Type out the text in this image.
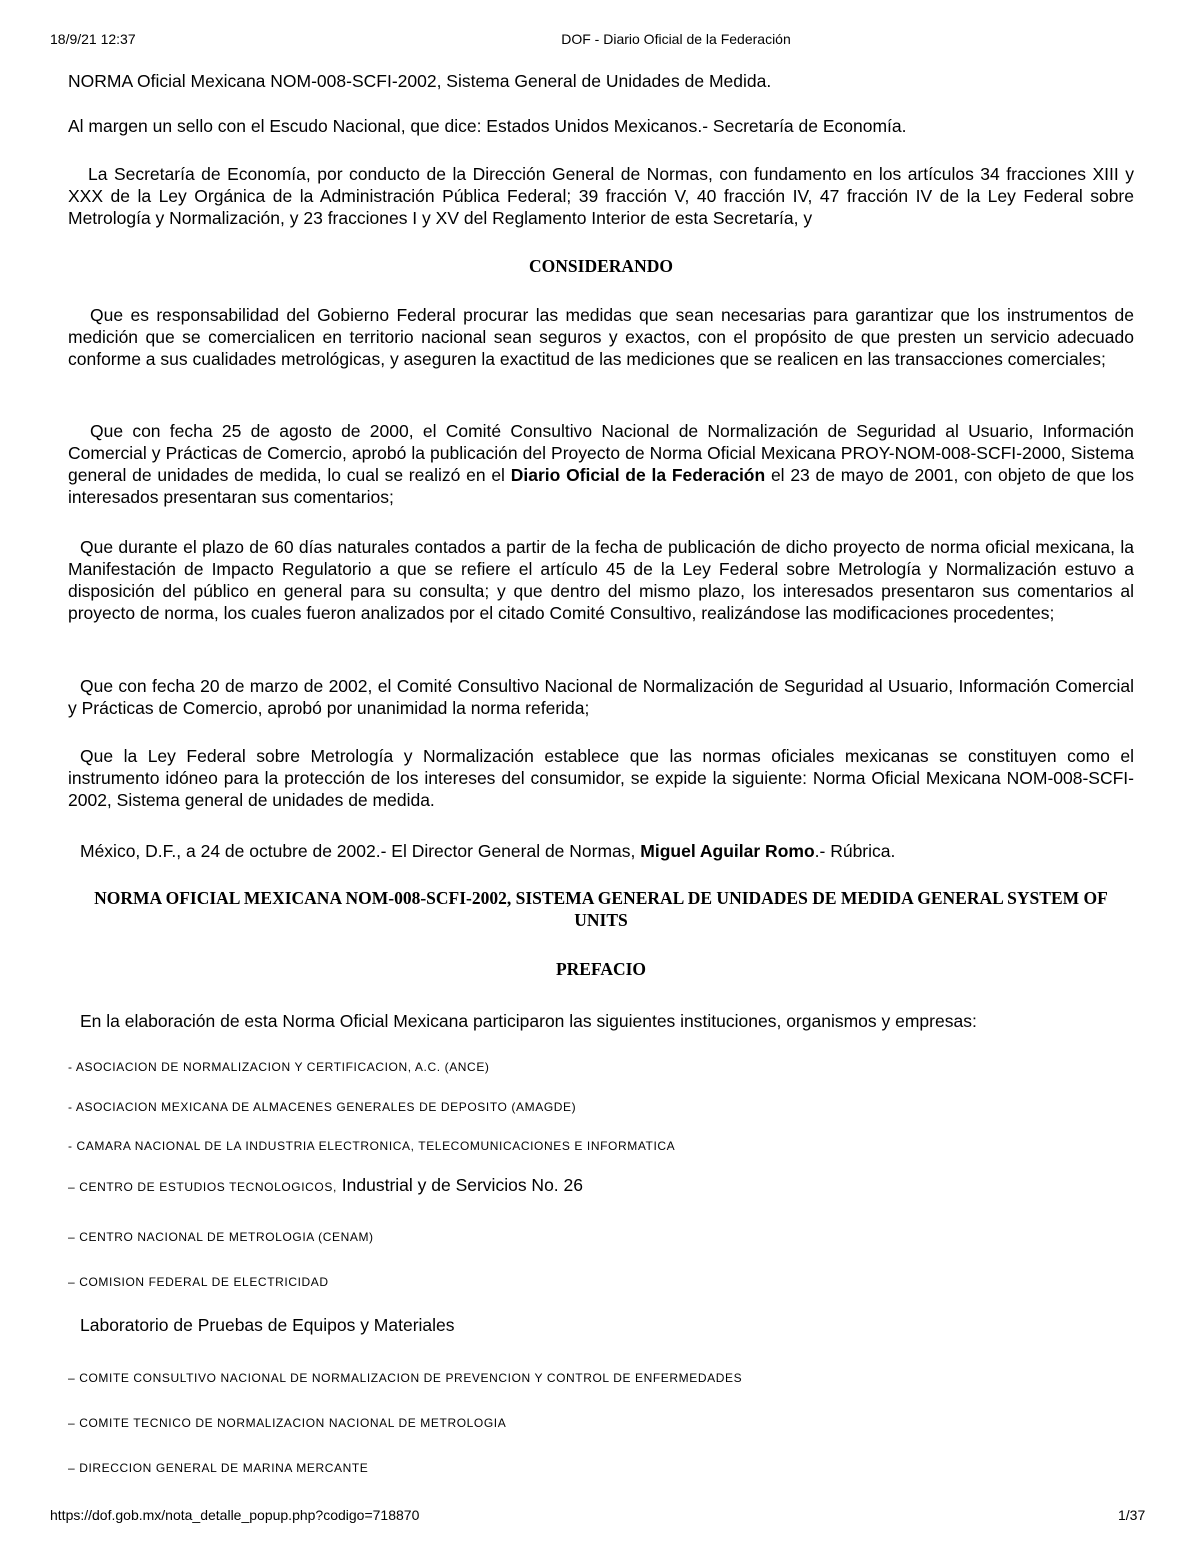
18/9/21 12:37	DOF - Diario Oficial de la Federación

NORMA Oficial Mexicana NOM-008-SCFI-2002, Sistema General de Unidades de Medida.

Al margen un sello con el Escudo Nacional, que dice: Estados Unidos Mexicanos.- Secretaría de Economía.

La Secretaría de Economía, por conducto de la Dirección General de Normas, con fundamento en los artículos 34 fracciones XIII y XXX de la Ley Orgánica de la Administración Pública Federal; 39 fracción V, 40 fracción IV, 47 fracción IV de la Ley Federal sobre Metrología y Normalización, y 23 fracciones I y XV del Reglamento Interior de esta Secretaría, y

CONSIDERANDO

Que es responsabilidad del Gobierno Federal procurar las medidas que sean necesarias para garantizar que los instrumentos de medición que se comercialicen en territorio nacional sean seguros y exactos, con el propósito de que presten un servicio adecuado conforme a sus cualidades metrológicas, y aseguren la exactitud de las mediciones que se realicen en las transacciones comerciales;

Que con fecha 25 de agosto de 2000, el Comité Consultivo Nacional de Normalización de Seguridad al Usuario, Información Comercial y Prácticas de Comercio, aprobó la publicación del Proyecto de Norma Oficial Mexicana PROY-NOM-008-SCFI-2000, Sistema general de unidades de medida, lo cual se realizó en el Diario Oficial de la Federación el 23 de mayo de 2001, con objeto de que los interesados presentaran sus comentarios;

Que durante el plazo de 60 días naturales contados a partir de la fecha de publicación de dicho proyecto de norma oficial mexicana, la Manifestación de Impacto Regulatorio a que se refiere el artículo 45 de la Ley Federal sobre Metrología y Normalización estuvo a disposición del público en general para su consulta; y que dentro del mismo plazo, los interesados presentaron sus comentarios al proyecto de norma, los cuales fueron analizados por el citado Comité Consultivo, realizándose las modificaciones procedentes;

Que con fecha 20 de marzo de 2002, el Comité Consultivo Nacional de Normalización de Seguridad al Usuario, Información Comercial y Prácticas de Comercio, aprobó por unanimidad la norma referida;

Que la Ley Federal sobre Metrología y Normalización establece que las normas oficiales mexicanas se constituyen como el instrumento idóneo para la protección de los intereses del consumidor, se expide la siguiente: Norma Oficial Mexicana NOM-008-SCFI-2002, Sistema general de unidades de medida.

México, D.F., a 24 de octubre de 2002.- El Director General de Normas, Miguel Aguilar Romo.- Rúbrica.

NORMA OFICIAL MEXICANA NOM-008-SCFI-2002, SISTEMA GENERAL DE UNIDADES DE MEDIDA GENERAL SYSTEM OF UNITS

PREFACIO

En la elaboración de esta Norma Oficial Mexicana participaron las siguientes instituciones, organismos y empresas:

- ASOCIACION DE NORMALIZACION Y CERTIFICACION, A.C. (ANCE)

- ASOCIACION MEXICANA DE ALMACENES GENERALES DE DEPOSITO (AMAGDE)

- CAMARA NACIONAL DE LA INDUSTRIA ELECTRONICA, TELECOMUNICACIONES E INFORMATICA

– CENTRO DE ESTUDIOS TECNOLOGICOS, Industrial y de Servicios No. 26

– CENTRO NACIONAL DE METROLOGIA (CENAM)

– COMISION FEDERAL DE ELECTRICIDAD

Laboratorio de Pruebas de Equipos y Materiales

– COMITE CONSULTIVO NACIONAL DE NORMALIZACION DE PREVENCION Y CONTROL DE ENFERMEDADES

– COMITE TECNICO DE NORMALIZACION NACIONAL DE METROLOGIA

– DIRECCION GENERAL DE MARINA MERCANTE

https://dof.gob.mx/nota_detalle_popup.php?codigo=718870	1/37
